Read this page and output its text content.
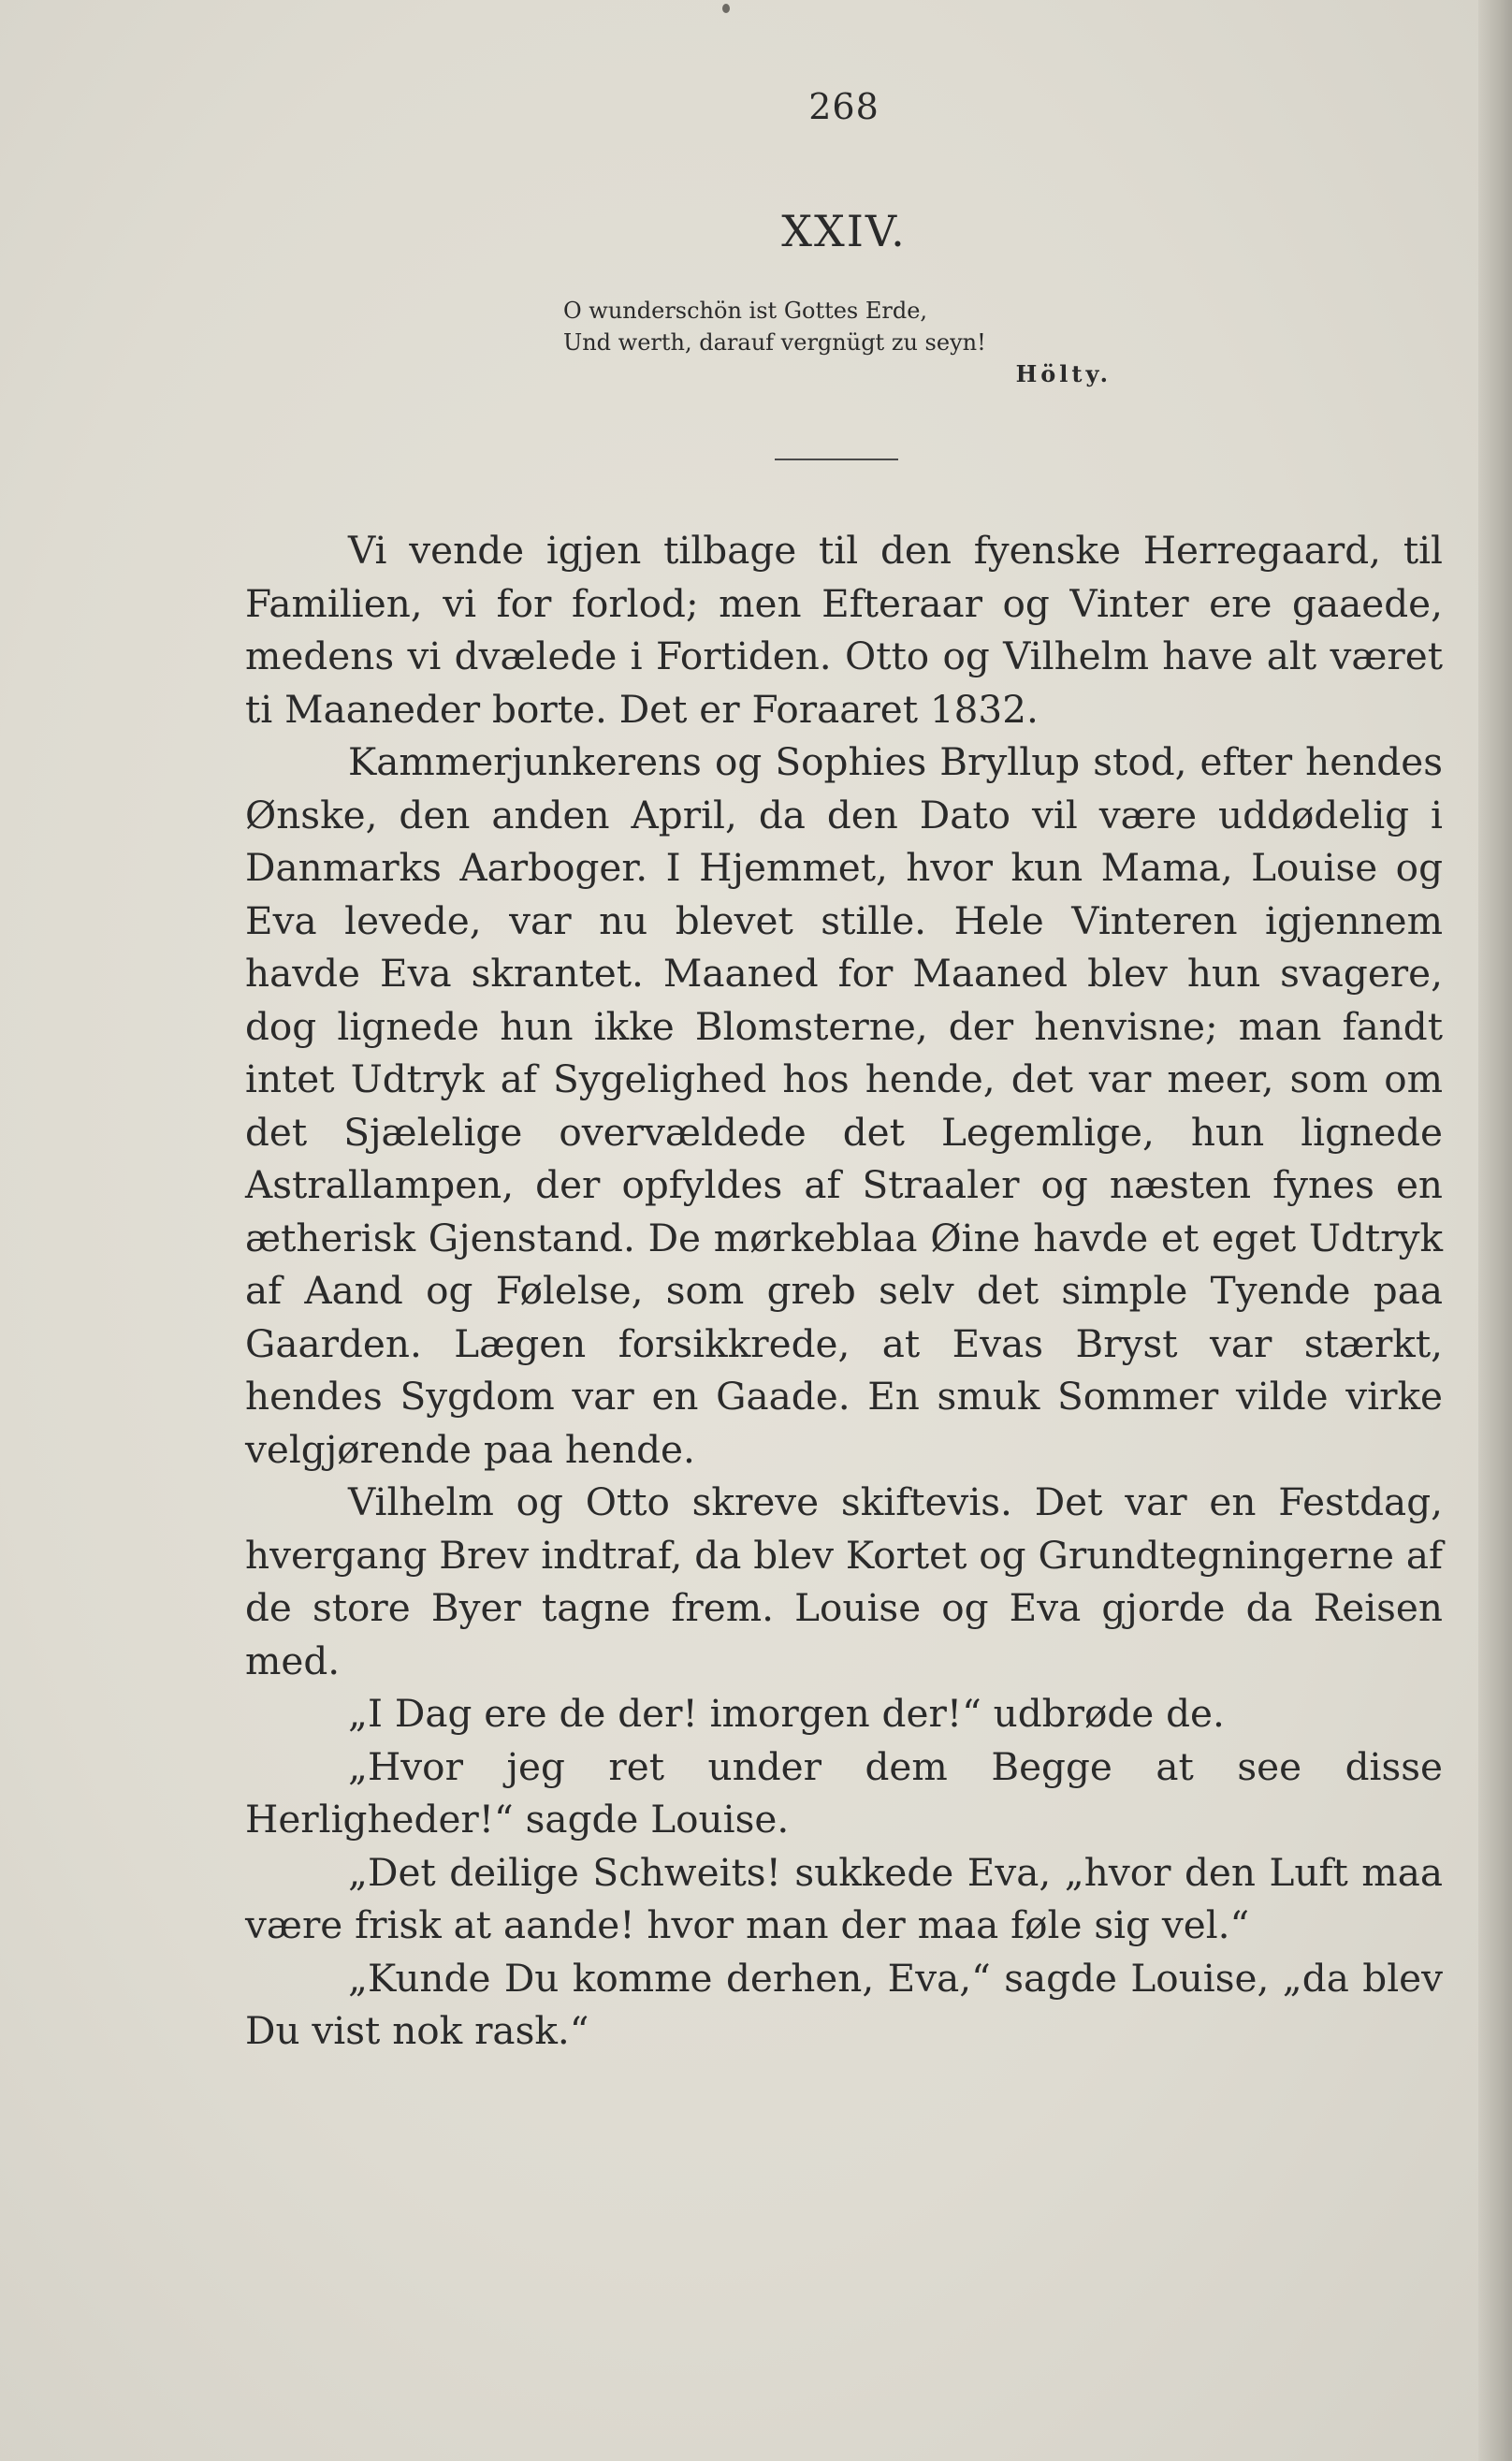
268
XXIV.
O wunderschön ist Gottes Erde,
Und werth, darauf vergnügt zu seyn!
Hölty.

Vi vende igjen tilbage til den fyenske Herregaard, til Familien, vi for forlod; men Efteraar og Vinter ere gaaede, medens vi dvælede i Fortiden. Otto og Vilhelm have alt været ti Maaneder borte. Det er Foraaret 1832.

Kammerjunkerens og Sophies Bryllup stod, efter hendes Ønske, den anden April, da den Dato vil være uddødelig i Danmarks Aarboger. I Hjemmet, hvor kun Mama, Louise og Eva levede, var nu blevet stille. Hele Vinteren igjennem havde Eva skrantet. Maaned for Maaned blev hun svagere, dog lignede hun ikke Blomsterne, der henvisne; man fandt intet Udtryk af Sygelighed hos hende, det var meer, som om det Sjælelige overvældede det Legemlige, hun lignede Astrallampen, der opfyldes af Straaler og næsten fynes en ætherisk Gjenstand. De mørkeblaa Øine havde et eget Udtryk af Aand og Følelse, som greb selv det simple Tyende paa Gaarden. Lægen forsikkrede, at Evas Bryst var stærkt, hendes Sygdom var en Gaade. En smuk Sommer vilde virke velgjørende paa hende.

Vilhelm og Otto skreve skiftevis. Det var en Festdag, hvergang Brev indtraf, da blev Kortet og Grundtegningerne af de store Byer tagne frem. Louise og Eva gjorde da Reisen med.

„I Dag ere de der! imorgen der!“ udbrøde de.

„Hvor jeg ret under dem Begge at see disse Herligheder!“ sagde Louise.

„Det deilige Schweits! sukkede Eva, „hvor den Luft maa være frisk at aande! hvor man der maa føle sig vel.“

„Kunde Du komme derhen, Eva,“ sagde Louise, „da blev Du vist nok rask.“
